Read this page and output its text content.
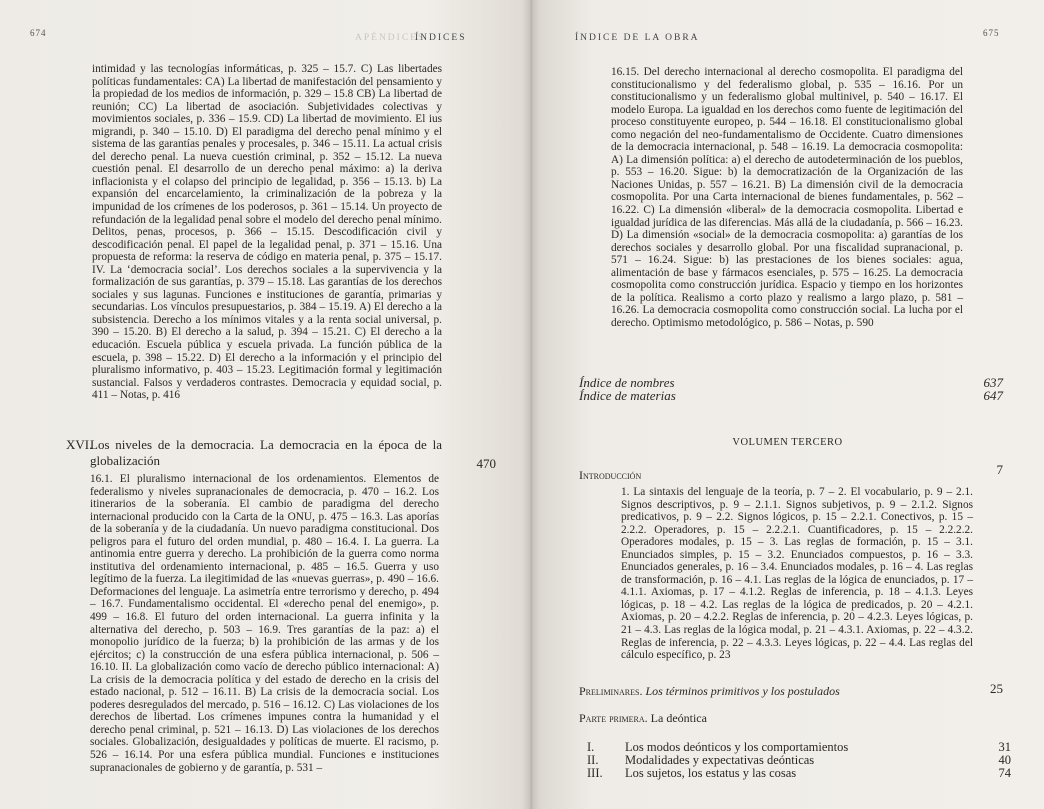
674	APÉNDICES
ÍNDICES

intimidad y las tecnologías informáticas, p. 325 – 15.7. C) Las libertades políticas fundamentales: CA) La libertad de manifestación del pensamiento y la propiedad de los medios de información, p. 329 – 15.8 CB) La libertad de reunión; CC) La libertad de asociación. Subjetividades colectivas y movimientos sociales, p. 336 – 15.9. CD) La libertad de movimiento. El ius migrandi, p. 340 – 15.10. D) El paradigma del derecho penal mínimo y el sistema de las garantías penales y procesales, p. 346 – 15.11. La actual crisis del derecho penal. La nueva cuestión criminal, p. 352 – 15.12. La nueva cuestión penal. El desarrollo de un derecho penal máximo: a) la deriva inflacionista y el colapso del principio de legalidad, p. 356 – 15.13. b) La expansión del encarcelamiento, la criminalización de la pobreza y la impunidad de los crímenes de los poderosos, p. 361 – 15.14. Un proyecto de refundación de la legalidad penal sobre el modelo del derecho penal mínimo. Delitos, penas, procesos, p. 366 – 15.15. Descodificación civil y descodificación penal. El papel de la legalidad penal, p. 371 – 15.16. Una propuesta de reforma: la reserva de código en materia penal, p. 375 – 15.17. IV. La ‘democracia social’. Los derechos sociales a la supervivencia y la formalización de sus garantías, p. 379 – 15.18. Las garantías de los derechos sociales y sus lagunas. Funciones e instituciones de garantía, primarias y secundarias. Los vínculos presupuestarios, p. 384 – 15.19. A) El derecho a la subsistencia. Derecho a los mínimos vitales y a la renta social universal, p. 390 – 15.20. B) El derecho a la salud, p. 394 – 15.21. C) El derecho a la educación. Escuela pública y escuela privada. La función pública de la escuela, p. 398 – 15.22. D) El derecho a la información y el principio del pluralismo informativo, p. 403 – 15.23. Legitimación formal y legitimación sustancial. Falsos y verdaderos contrastes. Democracia y equidad social, p. 411 – Notas, p. 416

XVI.
Los niveles de la democracia. La democracia en la época de la globalización	470

16.1. El pluralismo internacional de los ordenamientos. Elementos de federalismo y niveles supranacionales de democracia, p. 470 – 16.2. Los itinerarios de la soberanía. El cambio de paradigma del derecho internacional producido con la Carta de la ONU, p. 475 – 16.3. Las aporías de la soberanía y de la ciudadanía. Un nuevo paradigma constitucional. Dos peligros para el futuro del orden mundial, p. 480 – 16.4. I. La guerra. La antinomia entre guerra y derecho. La prohibición de la guerra como norma institutiva del ordenamiento internacional, p. 485 – 16.5. Guerra y uso legítimo de la fuerza. La ilegitimidad de las «nuevas guerras», p. 490 – 16.6. Deformaciones del lenguaje. La asimetría entre terrorismo y derecho, p. 494 – 16.7. Fundamentalismo occidental. El «derecho penal del enemigo», p. 499 – 16.8. El futuro del orden internacional. La guerra infinita y la alternativa del derecho, p. 503 – 16.9. Tres garantías de la paz: a) el monopolio jurídico de la fuerza; b) la prohibición de las armas y de los ejércitos; c) la construcción de una esfera pública internacional, p. 506 – 16.10. II. La globalización como vacío de derecho público internacional: A) La crisis de la democracia política y del estado de derecho en la crisis del estado nacional, p. 512 – 16.11. B) La crisis de la democracia social. Los poderes desregulados del mercado, p. 516 – 16.12. C) Las violaciones de los derechos de libertad. Los crímenes impunes contra la humanidad y el derecho penal criminal, p. 521 – 16.13. D) Las violaciones de los derechos sociales. Globalización, desigualdades y políticas de muerte. El racismo, p. 526 – 16.14. Por una esfera pública mundial. Funciones e instituciones supranacionales de gobierno y de garantía, p. 531 –

675
ÍNDICE DE LA OBRA

16.15. Del derecho internacional al derecho cosmopolita. El paradigma del constitucionalismo y del federalismo global, p. 535 – 16.16. Por un constitucionalismo y un federalismo global multinivel, p. 540 – 16.17. El modelo Europa. La igualdad en los derechos como fuente de legitimación del proceso constituyente europeo, p. 544 – 16.18. El constitucionalismo global como negación del neo-fundamentalismo de Occidente. Cuatro dimensiones de la democracia internacional, p. 548 – 16.19. La democracia cosmopolita: A) La dimensión política: a) el derecho de autodeterminación de los pueblos, p. 553 – 16.20. Sigue: b) la democratización de la Organización de las Naciones Unidas, p. 557 – 16.21. B) La dimensión civil de la democracia cosmopolita. Por una Carta internacional de bienes fundamentales, p. 562 – 16.22. C) La dimensión «liberal» de la democracia cosmopolita. Libertad e igualdad jurídica de las diferencias. Más allá de la ciudadanía, p. 566 – 16.23. D) La dimensión «social» de la democracia cosmopolita: a) garantías de los derechos sociales y desarrollo global. Por una fiscalidad supranacional, p. 571 – 16.24. Sigue: b) las prestaciones de los bienes sociales: agua, alimentación de base y fármacos esenciales, p. 575 – 16.25. La democracia cosmopolita como construcción jurídica. Espacio y tiempo en los horizontes de la política. Realismo a corto plazo y realismo a largo plazo, p. 581 – 16.26. La democracia cosmopolita como construcción social. La lucha por el derecho. Optimismo metodológico, p. 586 – Notas, p. 590

Índice de nombres	637
Índice de materias	647
VOLUMEN TERCERO
Introducción	7

1. La sintaxis del lenguaje de la teoría, p. 7 – 2. El vocabulario, p. 9 – 2.1. Signos descriptivos, p. 9 – 2.1.1. Signos subjetivos, p. 9 – 2.1.2. Signos predicativos, p. 9 – 2.2. Signos lógicos, p. 15 – 2.2.1. Conectivos, p. 15 – 2.2.2. Operadores, p. 15 – 2.2.2.1. Cuantificadores, p. 15 – 2.2.2.2. Operadores modales, p. 15 – 3. Las reglas de formación, p. 15 – 3.1. Enunciados simples, p. 15 – 3.2. Enunciados compuestos, p. 16 – 3.3. Enunciados generales, p. 16 – 3.4. Enunciados modales, p. 16 – 4. Las reglas de transformación, p. 16 – 4.1. Las reglas de la lógica de enunciados, p. 17 – 4.1.1. Axiomas, p. 17 – 4.1.2. Reglas de inferencia, p. 18 – 4.1.3. Leyes lógicas, p. 18 – 4.2. Las reglas de la lógica de predicados, p. 20 – 4.2.1. Axiomas, p. 20 – 4.2.2. Reglas de inferencia, p. 20 – 4.2.3. Leyes lógicas, p. 21 – 4.3. Las reglas de la lógica modal, p. 21 – 4.3.1. Axiomas, p. 22 – 4.3.2. Reglas de inferencia, p. 22 – 4.3.3. Leyes lógicas, p. 22 – 4.4. Las reglas del cálculo específico, p. 23

Preliminares. Los términos primitivos y los postulados	25
Parte primera. La deóntica
I. Los modos deónticos y los comportamientos	31
II. Modalidades y expectativas deónticas	40
III. Los sujetos, los estatus y las cosas	74
